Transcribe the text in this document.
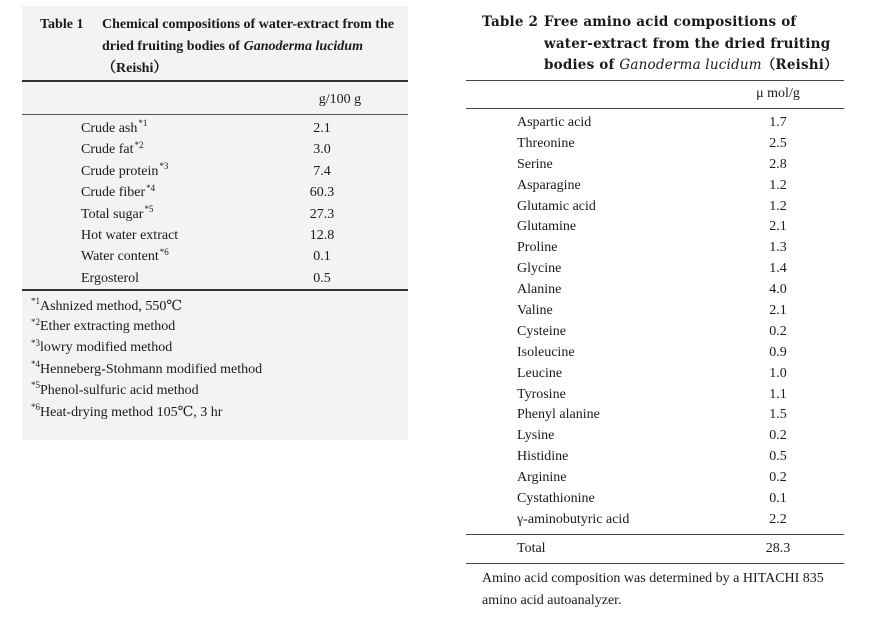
Table 1 Chemical compositions of water-extract from the dried fruiting bodies of Ganoderma lucidum（Reishi）
g/100 g
Crude ash$^{*1}$	2.1
Crude fat$^{*2}$	3.0
Crude protein$^{*3}$	7.4
Crude fiber$^{*4}$	60.3
Total sugar$^{*5}$	27.3
Hot water extract	12.8
Water content$^{*6}$	0.1
Ergosterol	0.5
$^{*1}$Ashnized method, 550℃
$^{*2}$Ether extracting method
$^{*3}$lowry modified method
$^{*4}$Henneberg-Stohmann modified method
$^{*5}$Phenol-sulfuric acid method
$^{*6}$Heat-drying method 105℃, 3 hr
Table 2 Free amino acid compositions of water-extract from the dried fruiting bodies of Ganoderma lucidum（Reishi）
μ mol/g
Aspartic acid	1.7
Threonine	2.5
Serine	2.8
Asparagine	1.2
Glutamic acid	1.2
Glutamine	2.1
Proline	1.3
Glycine	1.4
Alanine	4.0
Valine	2.1
Cysteine	0.2
Isoleucine	0.9
Leucine	1.0
Tyrosine	1.1
Phenyl alanine	1.5
Lysine	0.2
Histidine	0.5
Arginine	0.2
Cystathionine	0.1
γ-aminobutyric acid	2.2
Total	28.3
Amino acid composition was determined by a HITACHI 835 amino acid autoanalyzer.
